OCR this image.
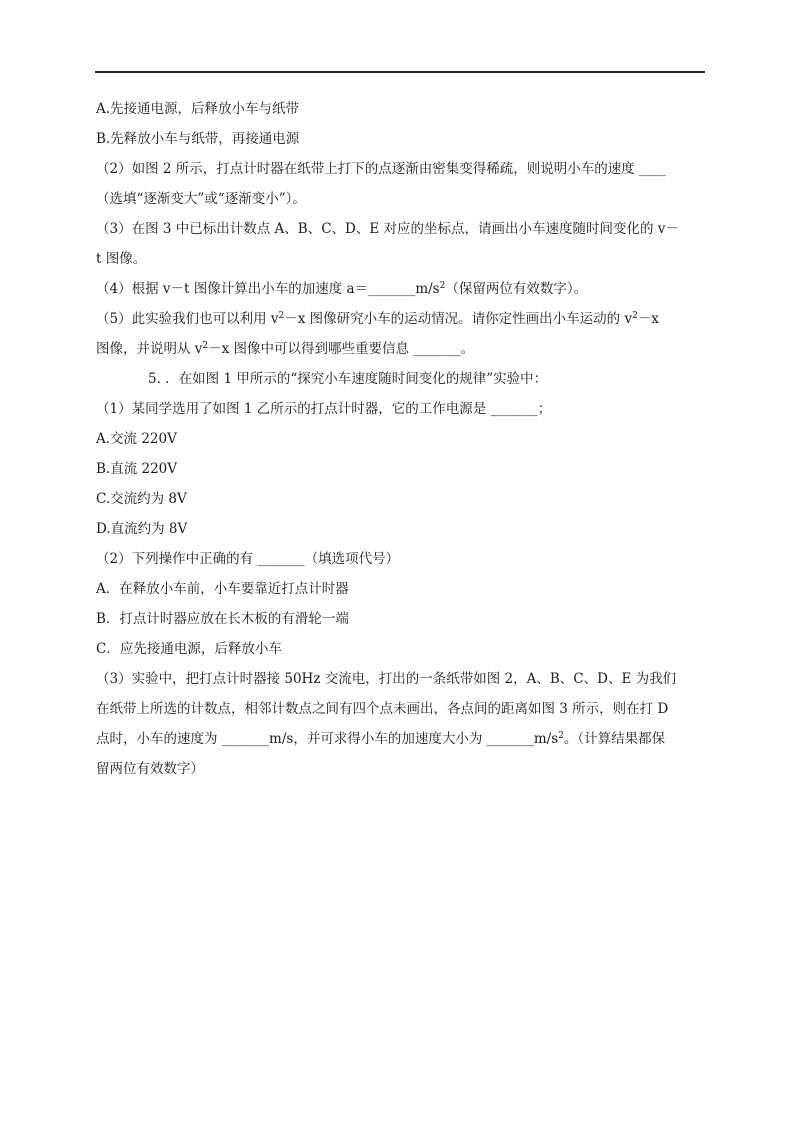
A.先接通电源，后释放小车与纸带
B.先释放小车与纸带，再接通电源
（2）如图 2 所示，打点计时器在纸带上打下的点逐渐由密集变得稀疏，则说明小车的速度 ____
（选填“逐渐变大”或“逐渐变小”）。
（3）在图 3 中已标出计数点 A、B、C、D、E 对应的坐标点，请画出小车速度随时间变化的 v－
t 图像。
（4）根据 v－t 图像计算出小车的加速度 $a=\_\_\_\_\_\_\_m/s^2$（保留两位有效数字）。
（5）此实验我们也可以利用 $v^2-x$ 图像研究小车的运动情况。请你定性画出小车运动的 $v^2-x$
图像，并说明从 $v^2-x$ 图像中可以得到哪些重要信息 _______。
5. ．在如图 1 甲所示的“探究小车速度随时间变化的规律”实验中：
（1）某同学选用了如图 1 乙所示的打点计时器，它的工作电源是 _______；
A.交流 220V
B.直流 220V
C.交流约为 8V
D.直流约为 8V
（2）下列操作中正确的有 _______（填选项代号）
A．在释放小车前，小车要靠近打点计时器
B．打点计时器应放在长木板的有滑轮一端
C．应先接通电源，后释放小车
（3）实验中，把打点计时器接 50Hz 交流电，打出的一条纸带如图 2，A、B、C、D、E 为我们
在纸带上所选的计数点，相邻计数点之间有四个点未画出，各点间的距离如图 3 所示，则在打 D
点时，小车的速度为 _______m/s，并可求得小车的加速度大小为 $\_\_\_\_\_\_\_m/s^2$。（计算结果都保
留两位有效数字）
